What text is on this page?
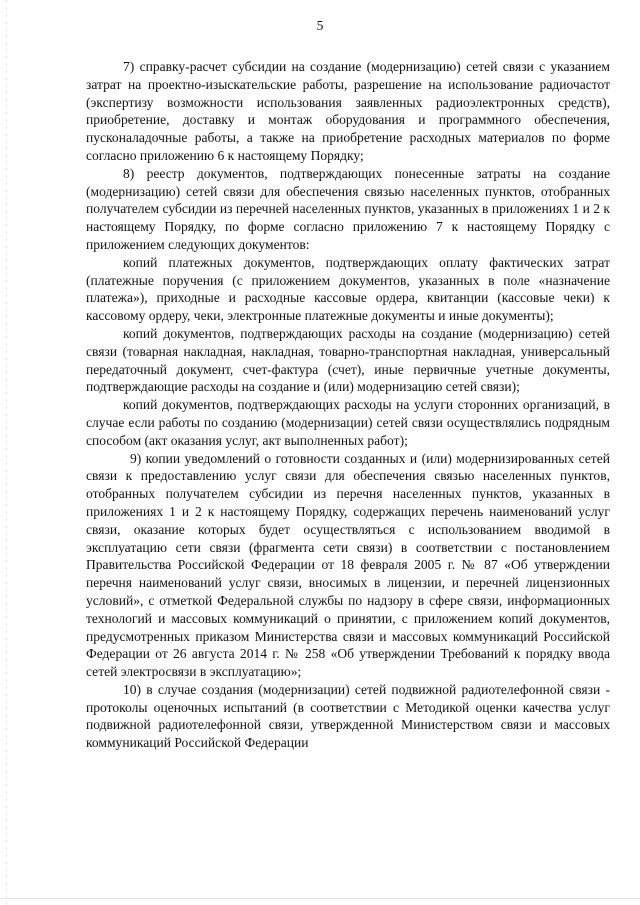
5

7) справку-расчет субсидии на создание (модернизацию) сетей связи с указанием затрат на проектно-изыскательские работы, разрешение на использование радиочастот (экспертизу возможности использования заявленных радиоэлектронных средств), приобретение, доставку и монтаж оборудования и программного обеспечения, пусконаладочные работы, а также на приобретение расходных материалов по форме согласно приложению 6 к настоящему Порядку;

8) реестр документов, подтверждающих понесенные затраты на создание (модернизацию) сетей связи для обеспечения связью населенных пунктов, отобранных получателем субсидии из перечней населенных пунктов, указанных в приложениях 1 и 2 к настоящему Порядку, по форме согласно приложению 7 к настоящему Порядку с приложением следующих документов:

копий платежных документов, подтверждающих оплату фактических затрат (платежные поручения (с приложением документов, указанных в поле «назначение платежа»), приходные и расходные кассовые ордера, квитанции (кассовые чеки) к кассовому ордеру, чеки, электронные платежные документы и иные документы);

копий документов, подтверждающих расходы на создание (модернизацию) сетей связи (товарная накладная, накладная, товарно-транспортная накладная, универсальный передаточный документ, счет-фактура (счет), иные первичные учетные документы, подтверждающие расходы на создание и (или) модернизацию сетей связи);

копий документов, подтверждающих расходы на услуги сторонних организаций, в случае если работы по созданию (модернизации) сетей связи осуществлялись подрядным способом (акт оказания услуг, акт выполненных работ);

9) копии уведомлений о готовности созданных и (или) модернизированных сетей связи к предоставлению услуг связи для обеспечения связью населенных пунктов, отобранных получателем субсидии из перечня населенных пунктов, указанных в приложениях 1 и 2 к настоящему Порядку, содержащих перечень наименований услуг связи, оказание которых будет осуществляться с использованием вводимой в эксплуатацию сети связи (фрагмента сети связи) в соответствии с постановлением Правительства Российской Федерации от 18 февраля 2005 г. № 87 «Об утверждении перечня наименований услуг связи, вносимых в лицензии, и перечней лицензионных условий», с отметкой Федеральной службы по надзору в сфере связи, информационных технологий и массовых коммуникаций о принятии, с приложением копий документов, предусмотренных приказом Министерства связи и массовых коммуникаций Российской Федерации от 26 августа 2014 г. № 258 «Об утверждении Требований к порядку ввода сетей электросвязи в эксплуатацию»;

10) в случае создания (модернизации) сетей подвижной радиотелефонной связи - протоколы оценочных испытаний (в соответствии с Методикой оценки качества услуг подвижной радиотелефонной связи, утвержденной Министерством связи и массовых коммуникаций Российской Федерации
